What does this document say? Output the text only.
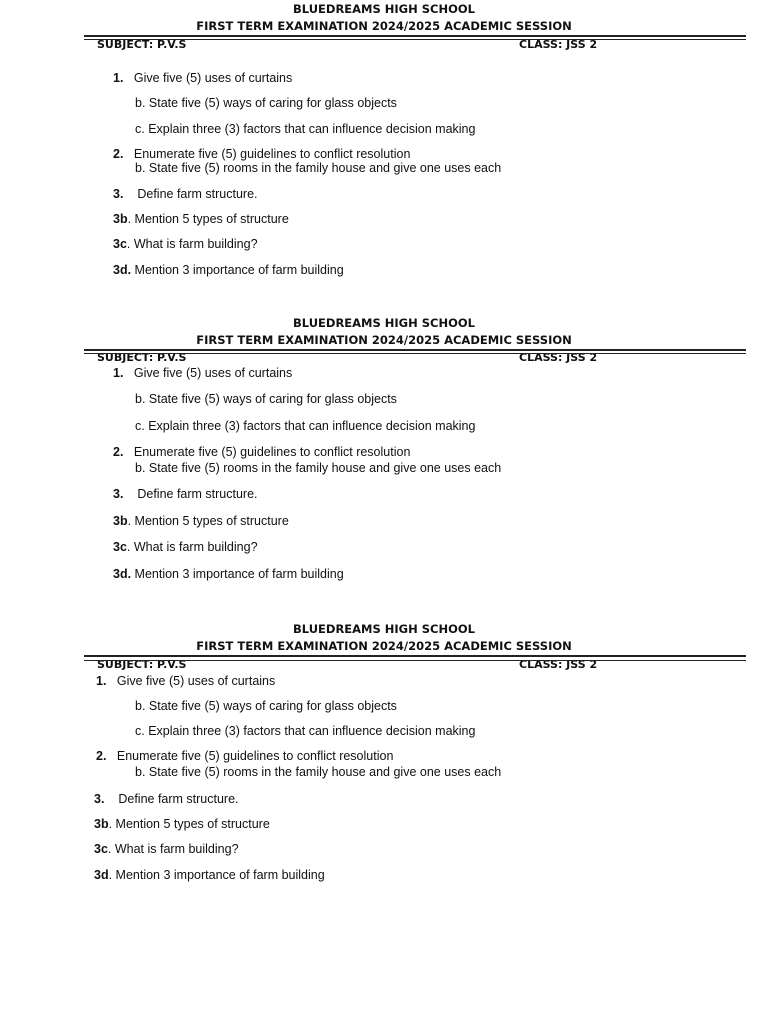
BLUEDREAMS HIGH SCHOOL
FIRST TERM EXAMINATION 2024/2025 ACADEMIC SESSION
SUBJECT: P.V.S	CLASS: JSS 2
1. Give five (5) uses of curtains
b. State five (5) ways of caring for glass objects
c. Explain three (3) factors that can influence decision making
2. Enumerate five (5) guidelines to conflict resolution
b. State five (5) rooms in the family house and give one uses each
3. Define farm structure.
3b. Mention 5 types of structure
3c. What is farm building?
3d. Mention 3 importance of farm building
BLUEDREAMS HIGH SCHOOL
FIRST TERM EXAMINATION 2024/2025 ACADEMIC SESSION
SUBJECT: P.V.S	CLASS: JSS 2
1. Give five (5) uses of curtains
b. State five (5) ways of caring for glass objects
c. Explain three (3) factors that can influence decision making
2. Enumerate five (5) guidelines to conflict resolution
b. State five (5) rooms in the family house and give one uses each
3. Define farm structure.
3b. Mention 5 types of structure
3c. What is farm building?
3d. Mention 3 importance of farm building
BLUEDREAMS HIGH SCHOOL
FIRST TERM EXAMINATION 2024/2025 ACADEMIC SESSION
SUBJECT: P.V.S	CLASS: JSS 2
1. Give five (5) uses of curtains
b. State five (5) ways of caring for glass objects
c. Explain three (3) factors that can influence decision making
2. Enumerate five (5) guidelines to conflict resolution
b. State five (5) rooms in the family house and give one uses each
3. Define farm structure.
3b. Mention 5 types of structure
3c. What is farm building?
3d. Mention 3 importance of farm building
